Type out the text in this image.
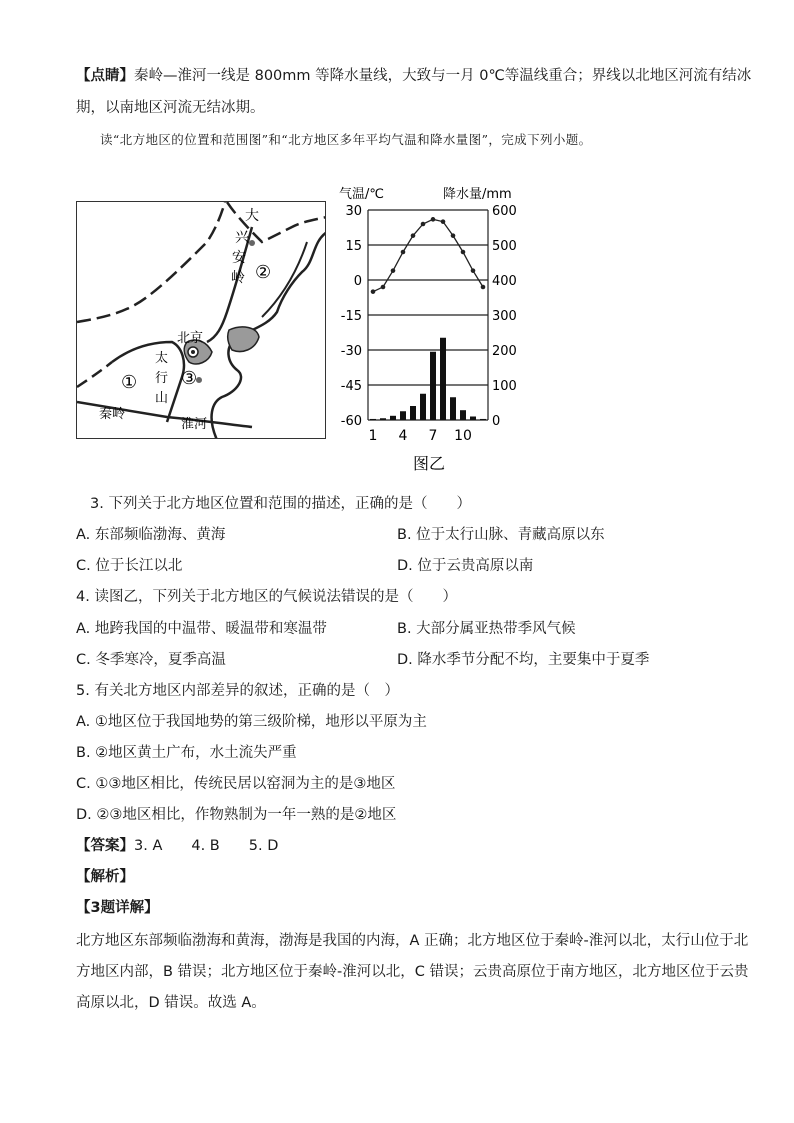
【点睛】秦岭—淮河一线是 800mm 等降水量线，大致与一月 0℃等温线重合；界线以北地区河流有结冰
期，以南地区河流无结冰期。
读“北方地区的位置和范围图”和“北方地区多年平均气温和降水量图”，完成下列小题。
大
兴
安
岭 ②
北京
太
行
山
① ③
秦岭
淮河
气温/℃	降水量/mm
30
15
0
-15
-30
-45
-60
600
500
400
300
200
100
0
1 4 7 10
图乙
3. 下列关于北方地区位置和范围的描述，正确的是（　　）
A. 东部频临渤海、黄海	B. 位于太行山脉、青藏高原以东
C. 位于长江以北	D. 位于云贵高原以南
4. 读图乙，下列关于北方地区的气候说法错误的是（　　）
A. 地跨我国的中温带、暖温带和寒温带	B. 大部分属亚热带季风气候
C. 冬季寒冷，夏季高温	D. 降水季节分配不均，主要集中于夏季
5. 有关北方地区内部差异的叙述，正确的是（　）
A. ①地区位于我国地势的第三级阶梯，地形以平原为主
B. ②地区黄土广布，水土流失严重
C. ①③地区相比，传统民居以窑洞为主的是③地区
D. ②③地区相比，作物熟制为一年一熟的是②地区
【答案】3. A　　4. B　　5. D
【解析】
【3题详解】
北方地区东部频临渤海和黄海，渤海是我国的内海，A 正确；北方地区位于秦岭-淮河以北，太行山位于北
方地区内部，B 错误；北方地区位于秦岭-淮河以北，C 错误；云贵高原位于南方地区，北方地区位于云贵
高原以北，D 错误。故选 A。
